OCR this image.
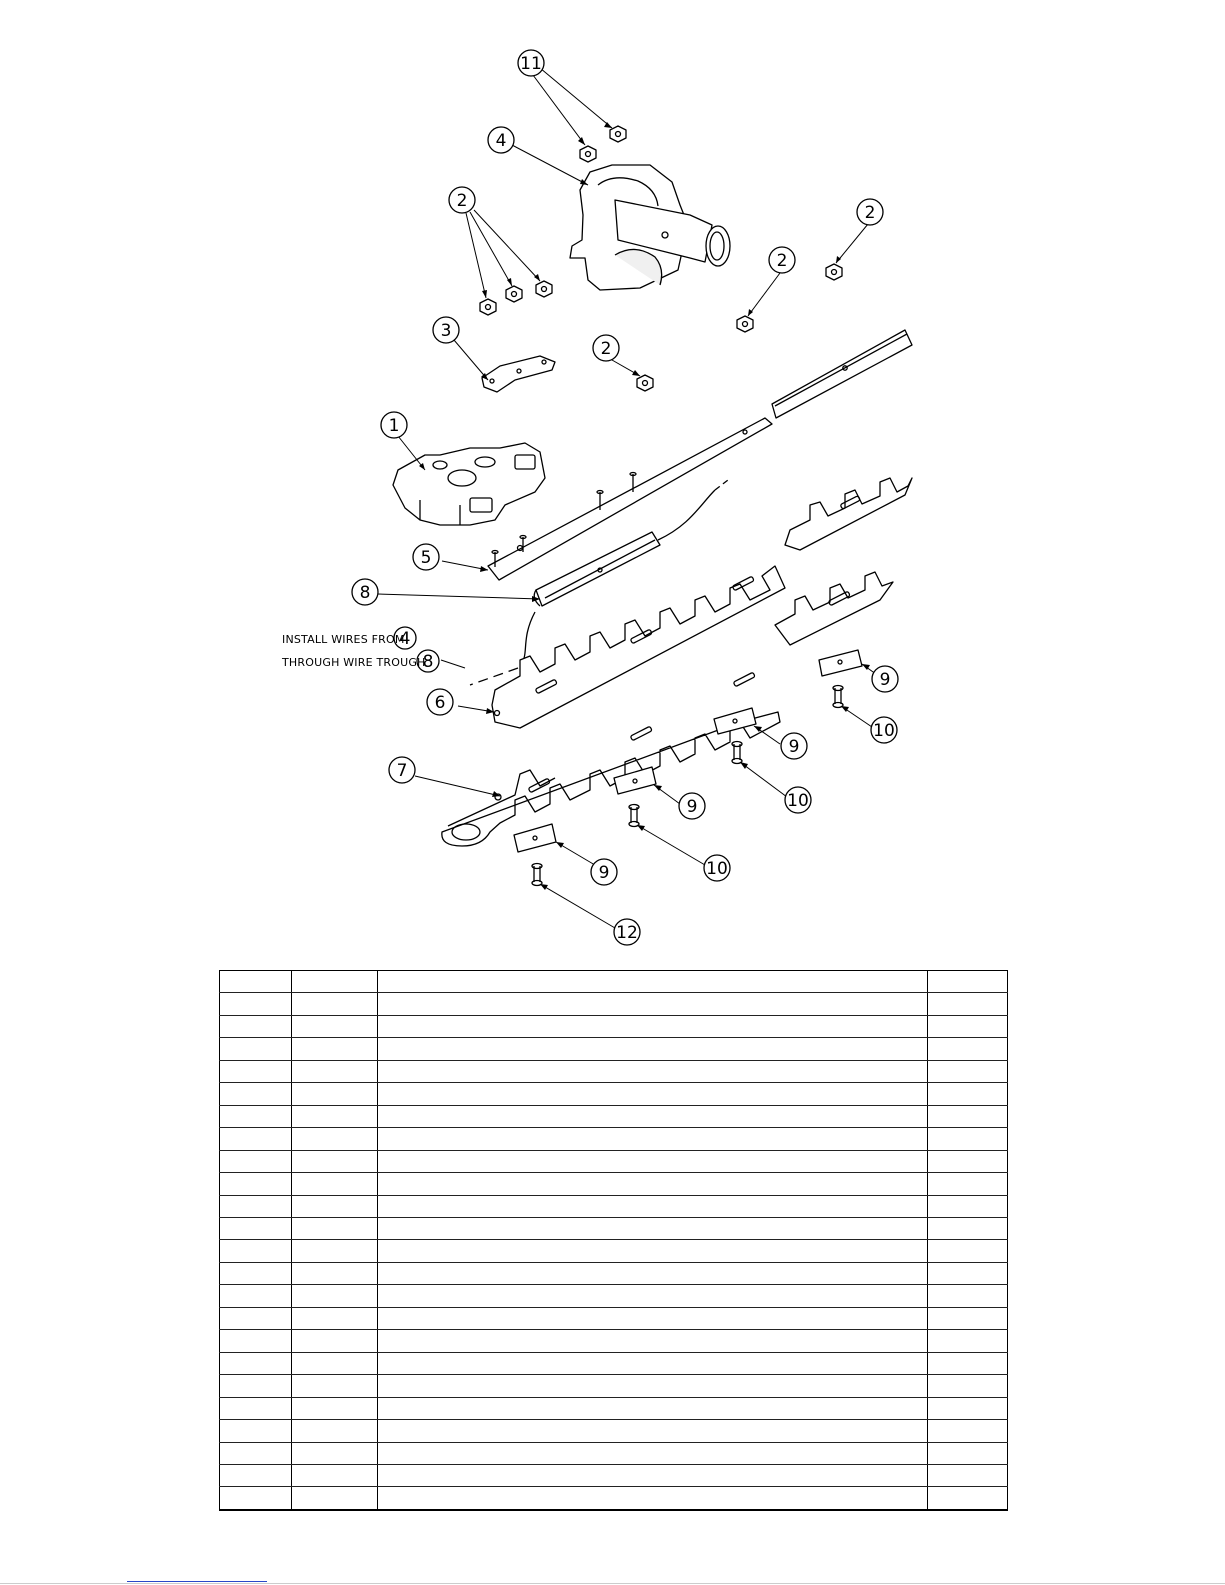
11
4
2
2
2
2
3
1
5
8
6
7
9
9
9
9
10
10
10
12
4
8
INSTALL WIRES FROM
THROUGH WIRE TROUGH
